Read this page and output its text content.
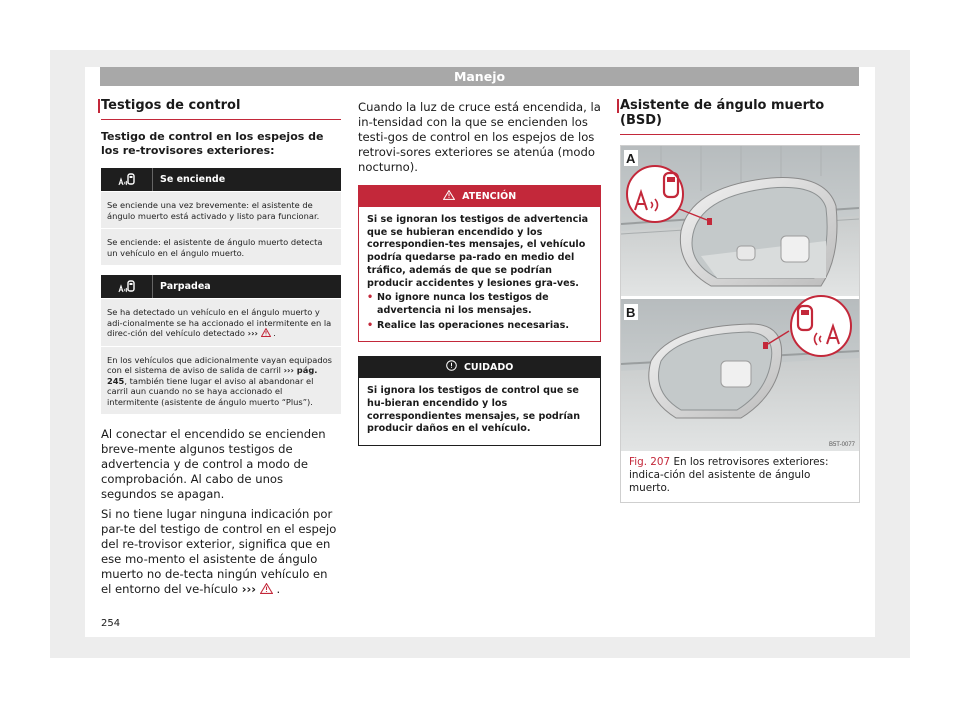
Manejo
Testigos de control
Testigo de control en los espejos de los re-trovisores exteriores:
Se enciende
Se enciende una vez brevemente: el asistente de ángulo muerto está activado y listo para funcionar.
Se enciende: el asistente de ángulo muerto detecta un vehículo en el ángulo muerto.
Parpadea
Se ha detectado un vehículo en el ángulo muerto y adi-cionalmente se ha accionado el intermitente en la direc-ción del vehículo detectado ››› .
En los vehículos que adicionalmente vayan equipados con el sistema de aviso de salida de carril ››› pág. 245, también tiene lugar el aviso al abandonar el carril aun cuando no se haya accionado el intermitente (asistente de ángulo muerto “Plus”).

Al conectar el encendido se encienden breve-mente algunos testigos de advertencia y de control a modo de comprobación. Al cabo de unos segundos se apagan.

Si no tiene lugar ninguna indicación por par-te del testigo de control en el espejo del re-trovisor exterior, significa que en ese mo-mento el asistente de ángulo muerto no de-tecta ningún vehículo en el entorno del ve-hículo ››› .

Cuando la luz de cruce está encendida, la in-tensidad con la que se encienden los testi-gos de control en los espejos de los retrovi-sores exteriores se atenúa (modo nocturno).
ATENCIÓN
Si se ignoran los testigos de advertencia que se hubieran encendido y los correspondien-tes mensajes, el vehículo podría quedarse pa-rado en medio del tráfico, además de que se podrían producir accidentes y lesiones gra-ves.
• No ignore nunca los testigos de advertencia ni los mensajes.
• Realice las operaciones necesarias.
CUIDADO
Si ignora los testigos de control que se hu-bieran encendido y los correspondientes mensajes, se podrían producir daños en el vehículo.
Asistente de ángulo muerto (BSD)
A
B
B5T-0077
Fig. 207 En los retrovisores exteriores: indica-ción del asistente de ángulo muerto.
254
